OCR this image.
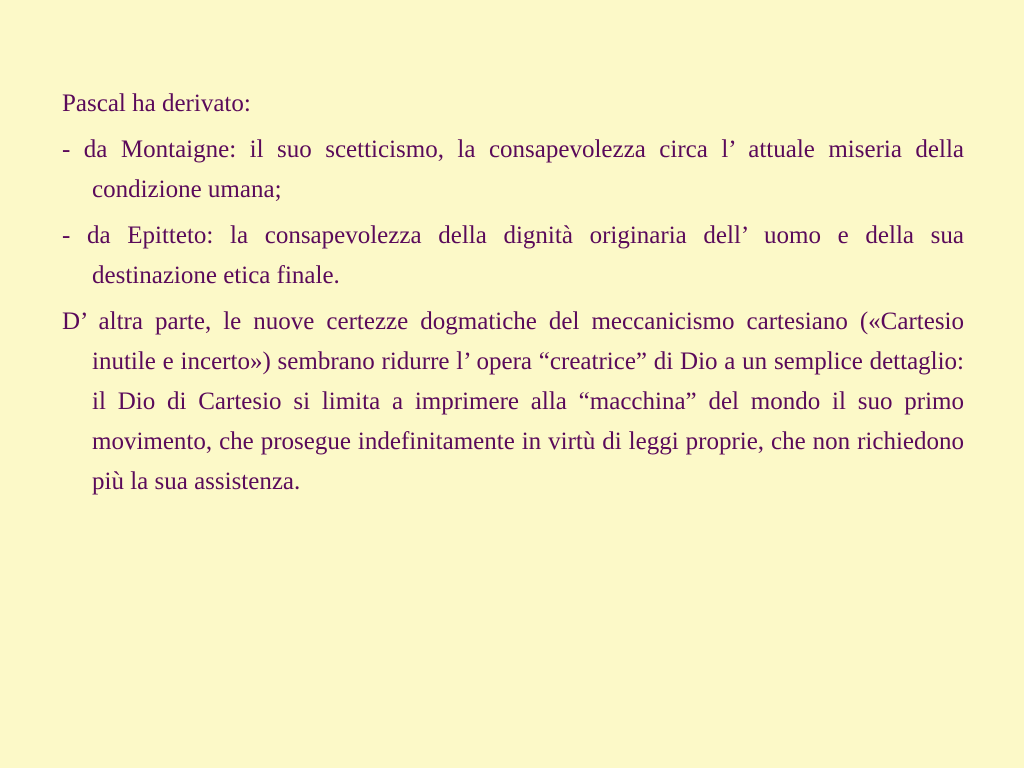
Pascal ha derivato:

- da Montaigne: il suo scetticismo, la consapevolezza circa l’ attuale miseria della condizione umana;

- da Epitteto: la consapevolezza della dignità originaria dell’ uomo e della sua destinazione etica finale.

D’ altra parte, le nuove certezze dogmatiche del meccanicismo cartesiano («Cartesio inutile e incerto») sembrano ridurre l’ opera “creatrice” di Dio a un semplice dettaglio: il Dio di Cartesio si limita a imprimere alla “macchina” del mondo il suo primo movimento, che prosegue indefinitamente in virtù di leggi proprie, che non richiedono più la sua assistenza.
